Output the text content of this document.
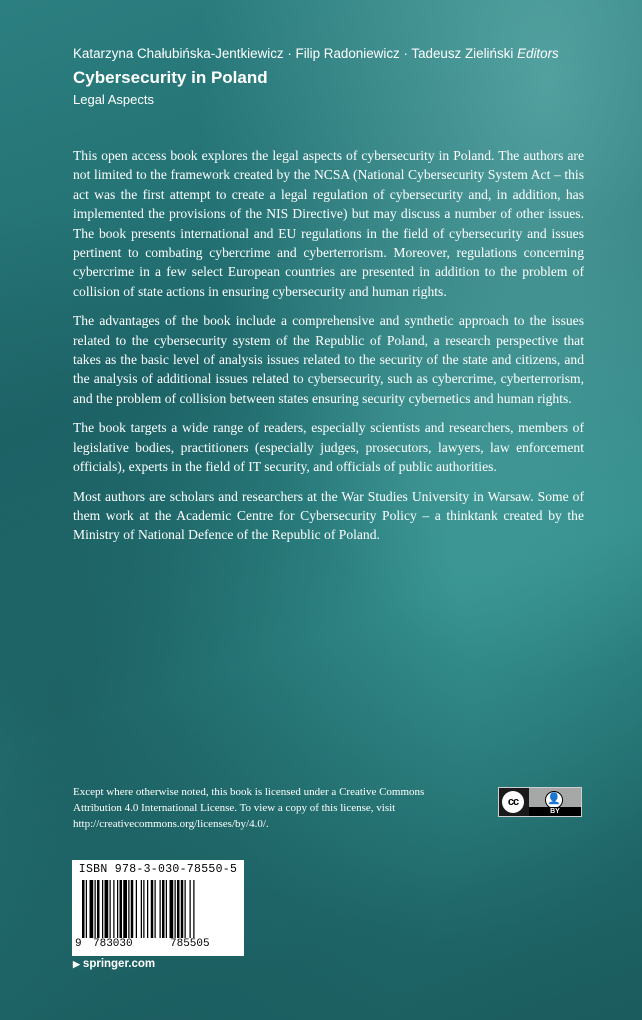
Katarzyna Chałubińska-Jentkiewicz · Filip Radoniewicz · Tadeusz Zieliński Editors
Cybersecurity in Poland
Legal Aspects

This open access book explores the legal aspects of cybersecurity in Poland. The authors are not limited to the framework created by the NCSA (National Cybersecurity System Act – this act was the first attempt to create a legal regulation of cybersecurity and, in addition, has implemented the provisions of the NIS Directive) but may discuss a number of other issues. The book presents international and EU regulations in the field of cybersecurity and issues pertinent to combating cybercrime and cyberterrorism. Moreover, regulations concerning cybercrime in a few select European countries are presented in addition to the problem of collision of state actions in ensuring cybersecurity and human rights.

The advantages of the book include a comprehensive and synthetic approach to the issues related to the cybersecurity system of the Republic of Poland, a research perspective that takes as the basic level of analysis issues related to the security of the state and citizens, and the analysis of additional issues related to cybersecurity, such as cybercrime, cyberterrorism, and the problem of collision between states ensuring security cybernetics and human rights.

The book targets a wide range of readers, especially scientists and researchers, members of legislative bodies, practitioners (especially judges, prosecutors, lawyers, law enforcement officials), experts in the field of IT security, and officials of public authorities.

Most authors are scholars and researchers at the War Studies University in Warsaw. Some of them work at the Academic Centre for Cybersecurity Policy – a thinktank created by the Ministry of National Defence of the Republic of Poland.

Except where otherwise noted, this book is licensed under a Creative Commons Attribution 4.0 International License. To view a copy of this license, visit http://creativecommons.org/licenses/by/4.0/.
cc	👤
BY
ISBN 978-3-030-78550-5
9 783030	785505
▶ springer.com
